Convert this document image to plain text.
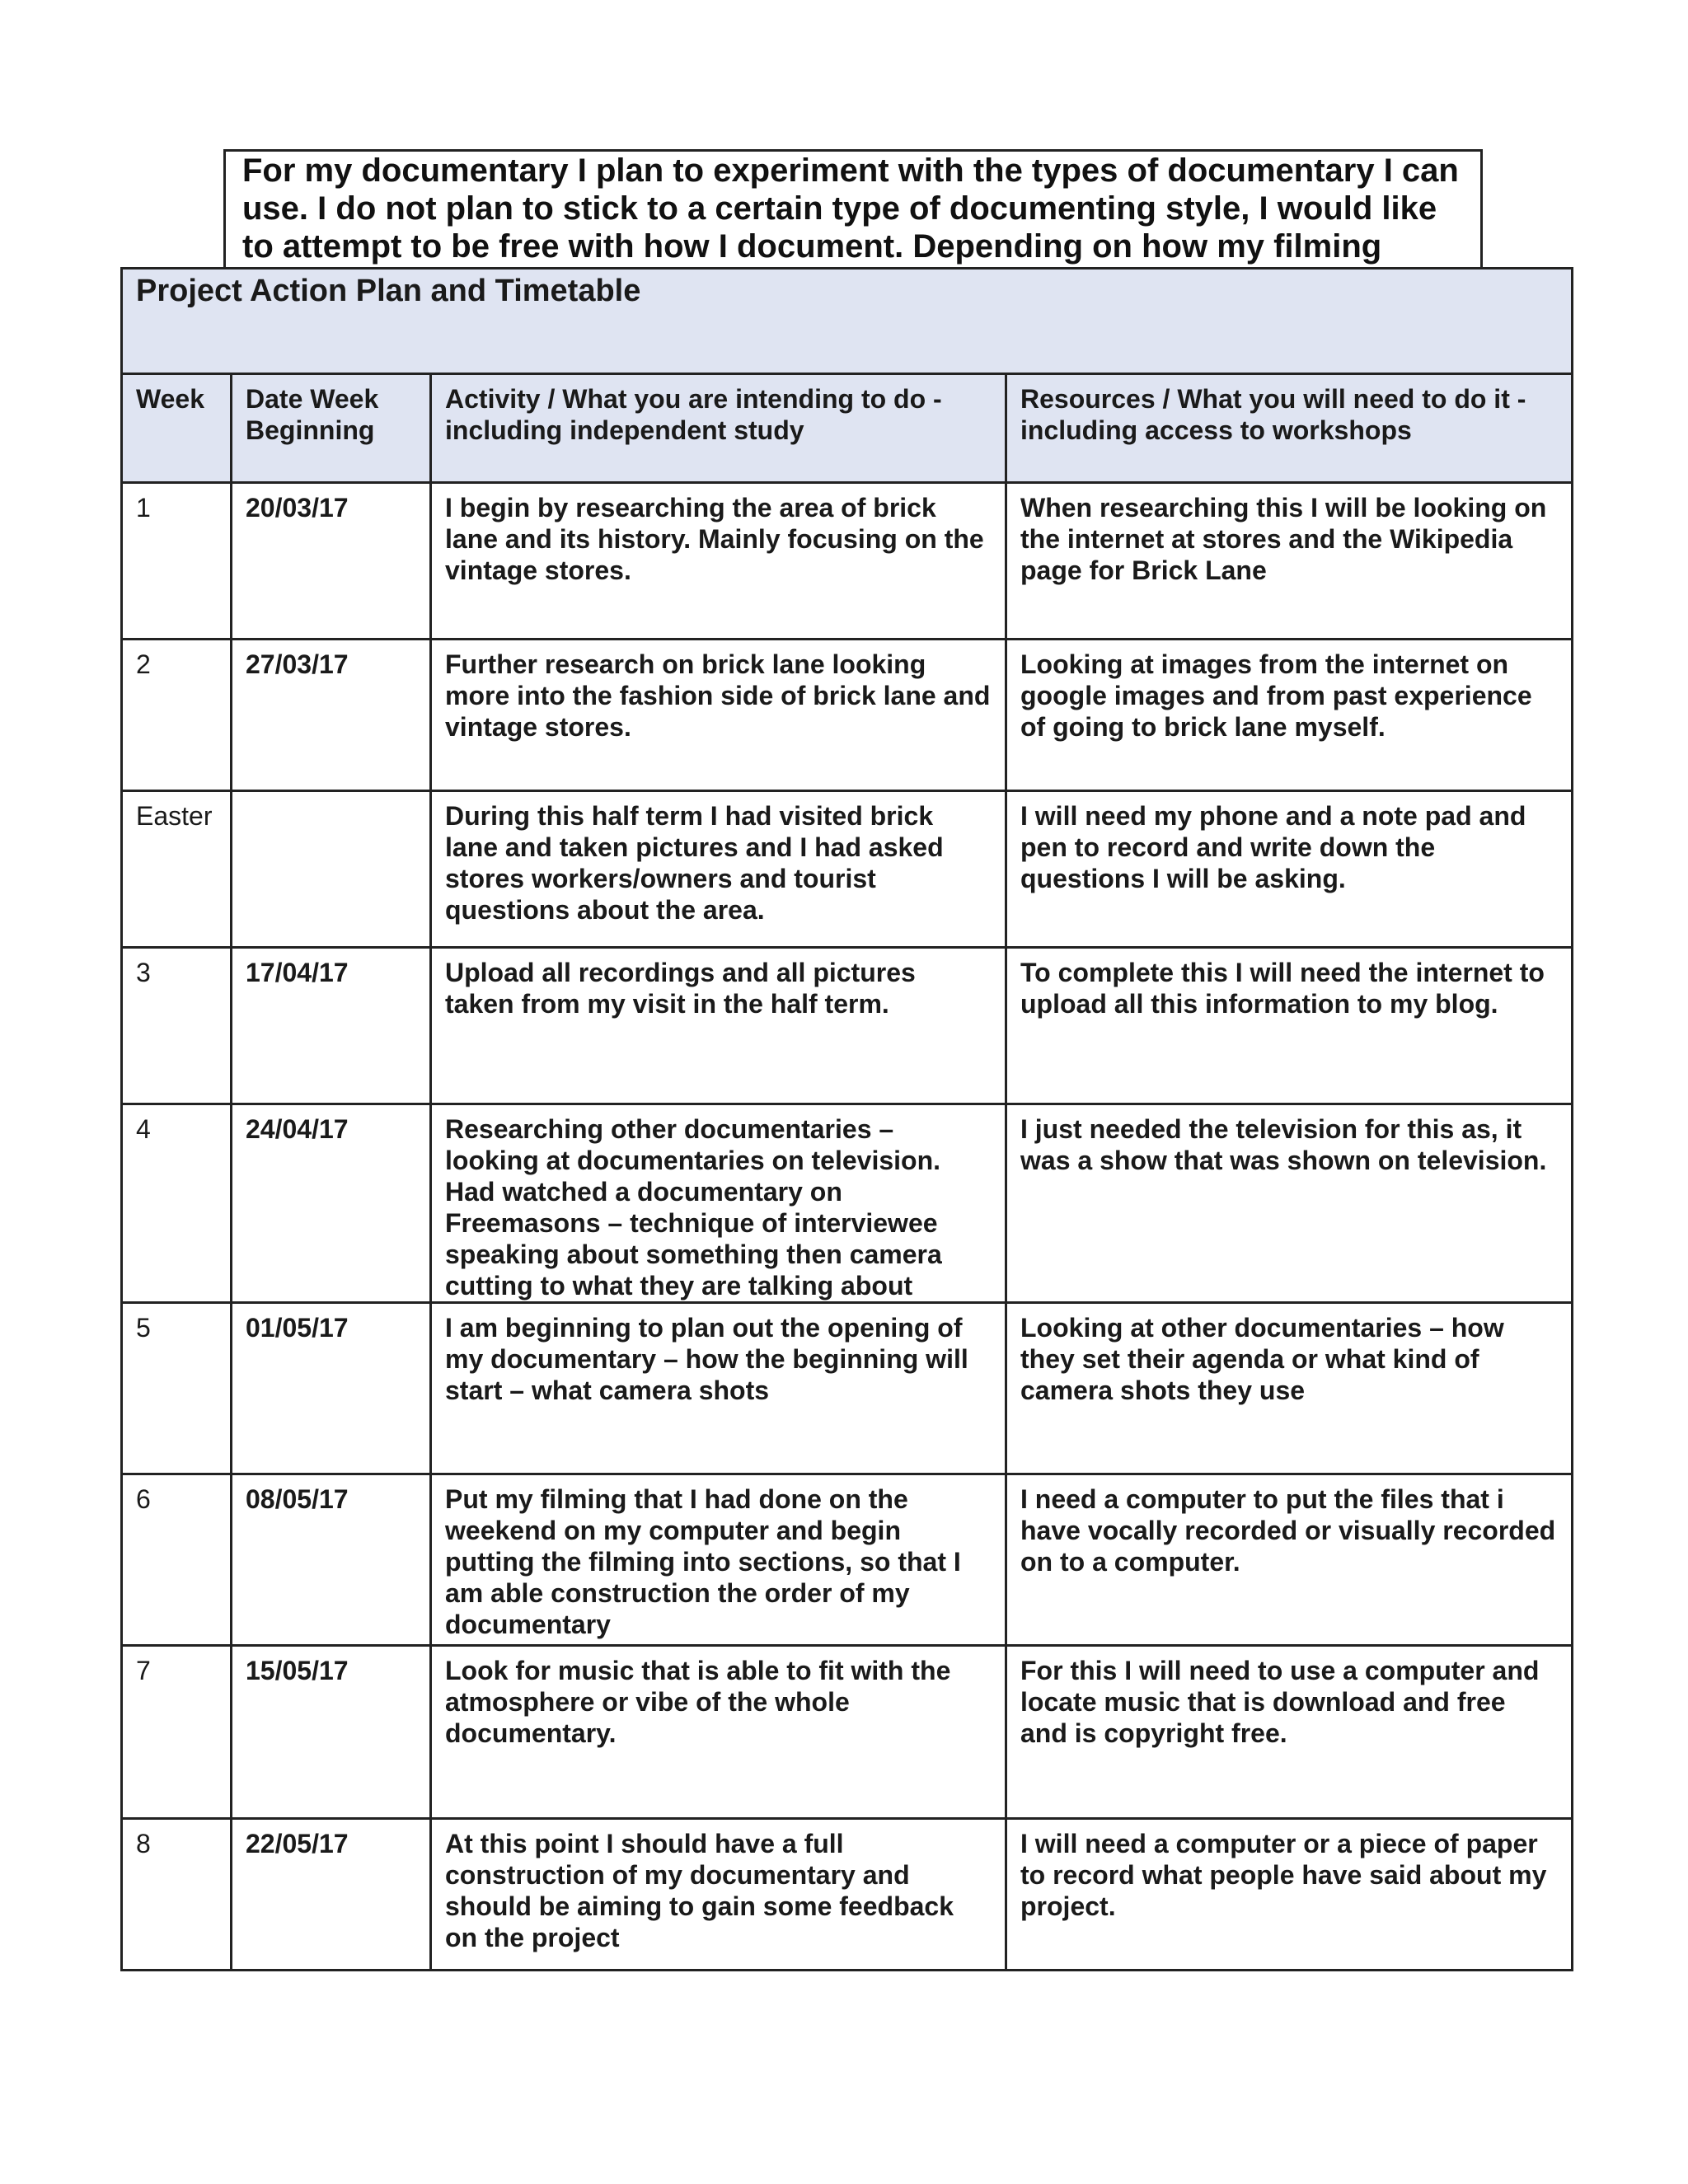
For my documentary I plan to experiment with the types of documentary I can use. I do not plan to stick to a certain type of documenting style, I would like to attempt to be free with how I document. Depending on how my filming

Project Action Plan and Timetable			
Week	Date Week Beginning	Activity / What you are intending to do - including independent study	Resources / What you will need to do it - including access to workshops
1	20/03/17	I begin by researching the area of brick lane and its history. Mainly focusing on the vintage stores.	When researching this I will be looking on the internet at stores and the Wikipedia page for Brick Lane
2	27/03/17	Further research on brick lane looking more into the fashion side of brick lane and vintage stores.	Looking at images from the internet on google images and from past experience of going to brick lane myself.
Easter		During this half term I had visited brick lane and taken pictures and I had asked stores workers/owners and tourist questions about the area.	I will need my phone and a note pad and pen to record and write down the questions I will be asking.
3	17/04/17	Upload all recordings and all pictures taken from my visit in the half term.	To complete this I will need the internet to upload all this information to my blog.
4	24/04/17	Researching other documentaries – looking at documentaries on television. Had watched a documentary on Freemasons – technique of interviewee speaking about something then camera cutting to what they are talking about	I just needed the television for this as, it was a show that was shown on television.
5	01/05/17	I am beginning to plan out the opening of my documentary – how the beginning will start – what camera shots	Looking at other documentaries – how they set their agenda or what kind of camera shots they use
6	08/05/17	Put my filming that I had done on the weekend on my computer and begin putting the filming into sections, so that I am able construction the order of my documentary	I need a computer to put the files that i have vocally recorded or visually recorded on to a computer.
7	15/05/17	Look for music that is able to fit with the atmosphere or vibe of the whole documentary.	For this I will need to use a computer and locate music that is download and free and is copyright free.
8	22/05/17	At this point I should have a full construction of my documentary and should be aiming to gain some feedback on the project	I will need a computer or a piece of paper to record what people have said about my project.
